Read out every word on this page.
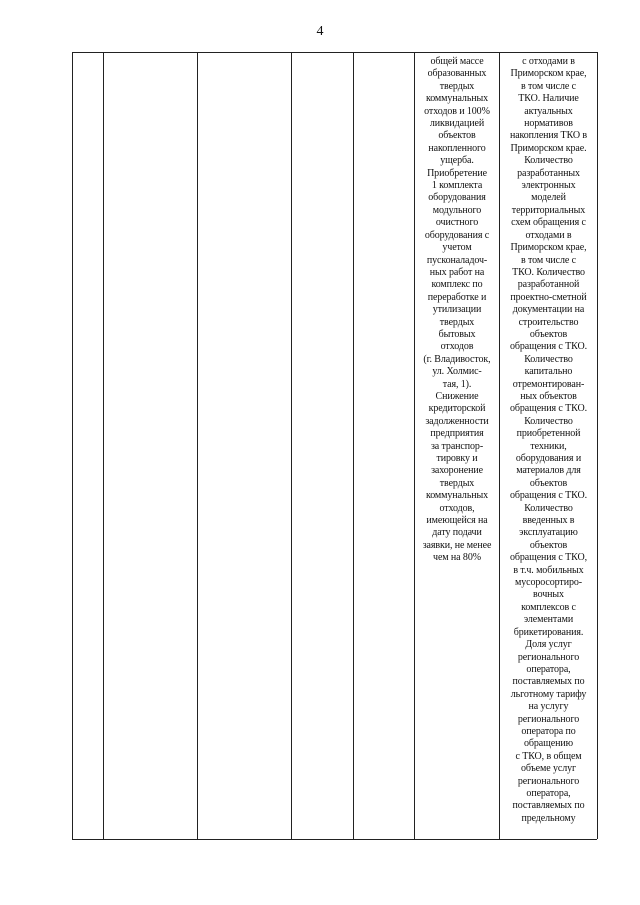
4
общей массе
образованных
твердых
коммунальных
отходов и 100%
ликвидацией
объектов
накопленного
ущерба.
Приобретение
1 комплекта
оборудования
модульного
очистного
оборудования с
учетом
пусконаладоч-
ных работ на
комплекс по
переработке и
утилизации
твердых
бытовых
отходов
(г. Владивосток,
ул. Холмис-
тая, 1).
Снижение
кредиторской
задолженности
предприятия
за транспор-
тировку и
захоронение
твердых
коммунальных
отходов,
имеющейся на
дату подачи
заявки, не менее
чем на 80%
с отходами в
Приморском крае,
в том числе с
ТКО. Наличие
актуальных
нормативов
накопления ТКО в
Приморском крае.
Количество
разработанных
электронных
моделей
территориальных
схем обращения с
отходами в
Приморском крае,
в том числе с
ТКО. Количество
разработанной
проектно-сметной
документации на
строительство
объектов
обращения с ТКО.
Количество
капитально
отремонтирован-
ных объектов
обращения с ТКО.
Количество
приобретенной
техники,
оборудования и
материалов для
объектов
обращения с ТКО.
Количество
введенных в
эксплуатацию
объектов
обращения с ТКО,
в т.ч. мобильных
мусоросортиро-
вочных
комплексов с
элементами
брикетирования.
Доля услуг
регионального
оператора,
поставляемых по
льготному тарифу
на услугу
регионального
оператора по
обращению
с ТКО, в общем
объеме услуг
регионального
оператора,
поставляемых по
предельному
